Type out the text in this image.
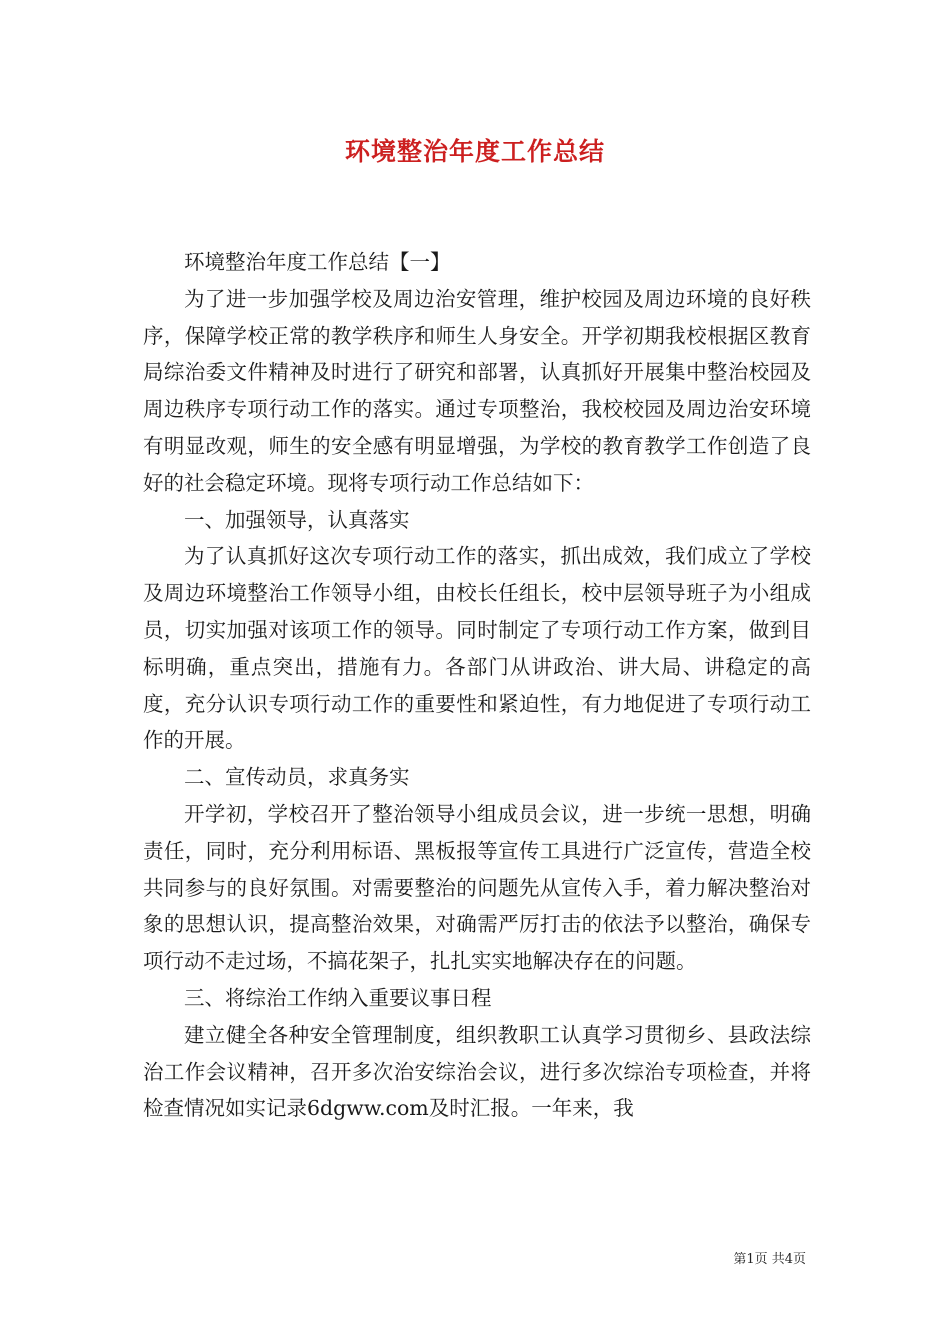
环境整治年度工作总结

环境整治年度工作总结【一】

为了进一步加强学校及周边治安管理，维护校园及周边环境的良好秩序，保障学校正常的教学秩序和师生人身安全。开学初期我校根据区教育局综治委文件精神及时进行了研究和部署，认真抓好开展集中整治校园及周边秩序专项行动工作的落实。通过专项整治，我校校园及周边治安环境有明显改观，师生的安全感有明显增强，为学校的教育教学工作创造了良好的社会稳定环境。现将专项行动工作总结如下：

一、加强领导，认真落实

为了认真抓好这次专项行动工作的落实，抓出成效，我们成立了学校及周边环境整治工作领导小组，由校长任组长，校中层领导班子为小组成员，切实加强对该项工作的领导。同时制定了专项行动工作方案，做到目标明确，重点突出，措施有力。各部门从讲政治、讲大局、讲稳定的高度，充分认识专项行动工作的重要性和紧迫性，有力地促进了专项行动工作的开展。

二、宣传动员，求真务实

开学初，学校召开了整治领导小组成员会议，进一步统一思想，明确责任，同时，充分利用标语、黑板报等宣传工具进行广泛宣传，营造全校共同参与的良好氛围。对需要整治的问题先从宣传入手，着力解决整治对象的思想认识，提高整治效果，对确需严厉打击的依法予以整治，确保专项行动不走过场，不搞花架子，扎扎实实地解决存在的问题。

三、将综治工作纳入重要议事日程

建立健全各种安全管理制度，组织教职工认真学习贯彻乡、县政法综治工作会议精神，召开多次治安综治会议，进行多次综治专项检查，并将检查情况如实记录6dgww.com及时汇报。一年来，我

第1页 共4页
